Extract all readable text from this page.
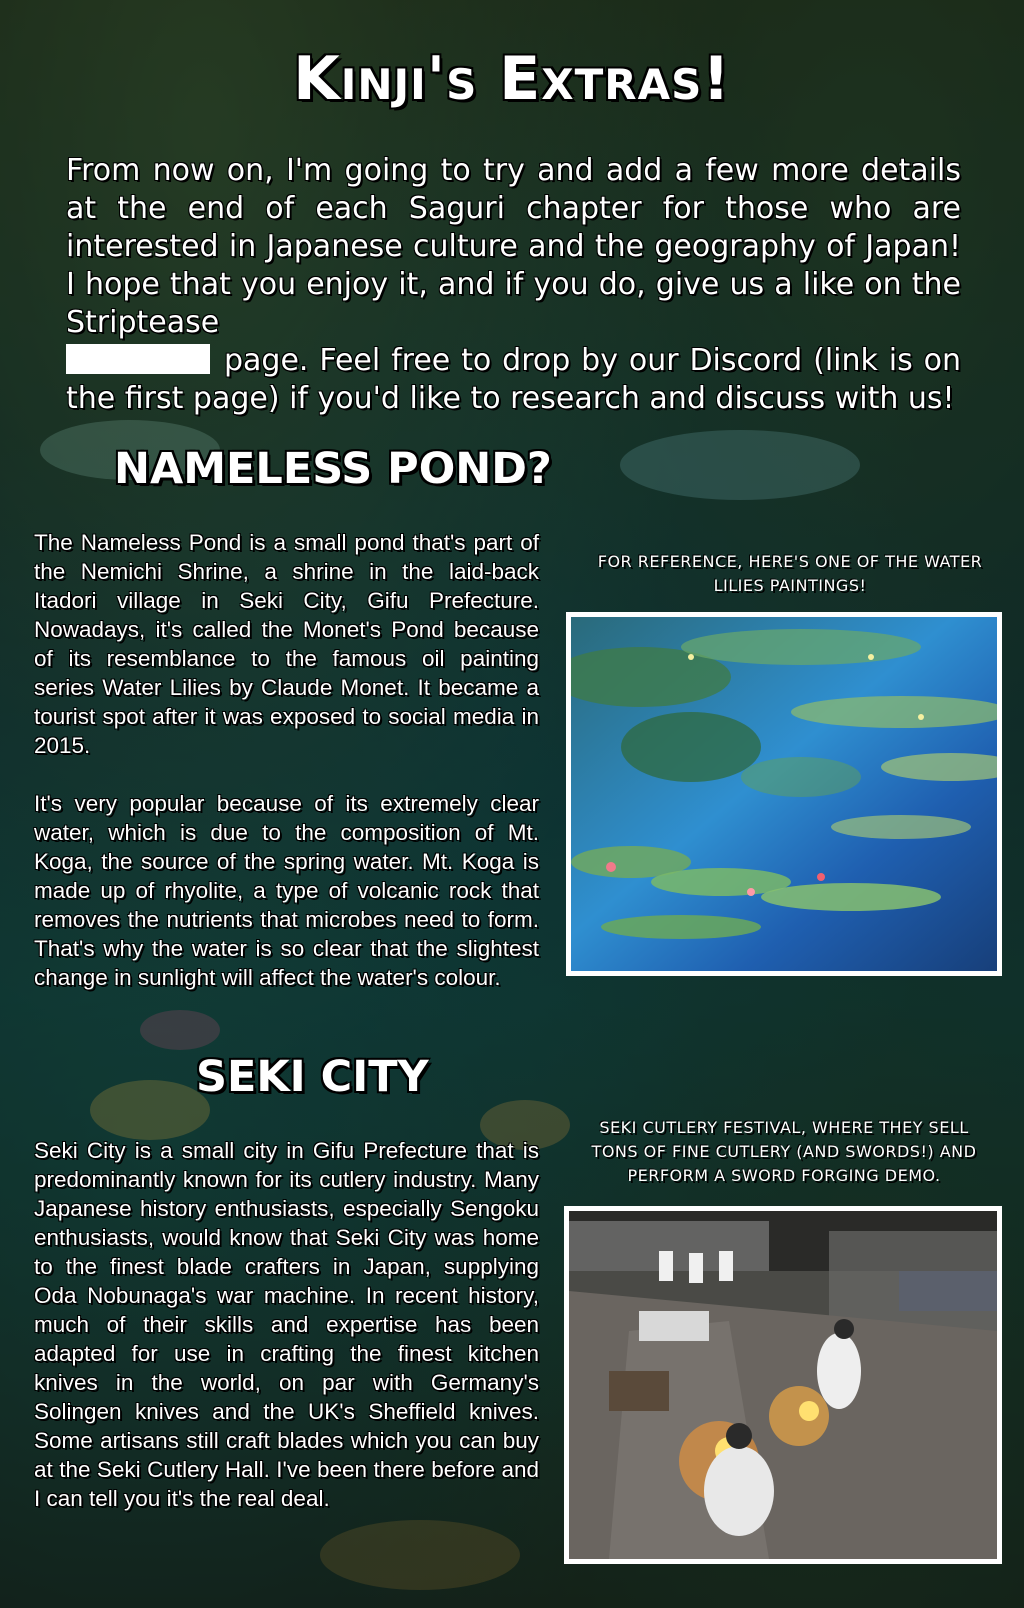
Kinji's Extras!

From now on, I'm going to try and add a few more details at the end of each Saguri chapter for those who are interested in Japanese culture and the geography of Japan! I hope that you enjoy it, and if you do, give us a like on the Striptease
page. Feel free to drop by our Discord (link is on the first page) if you'd like to research and discuss with us!

NAMELESS POND?

The Nameless Pond is a small pond that's part of the Nemichi Shrine, a shrine in the laid-back Itadori village in Seki City, Gifu Prefecture. Nowadays, it's called the Monet's Pond because of its resemblance to the famous oil painting series Water Lilies by Claude Monet. It became a tourist spot after it was exposed to social media in 2015.

It's very popular because of its extremely clear water, which is due to the composition of Mt. Koga, the source of the spring water. Mt. Koga is made up of rhyolite, a type of volcanic rock that removes the nutrients that microbes need to form. That's why the water is so clear that the slightest change in sunlight will affect the water's colour.

FOR REFERENCE, HERE'S ONE OF THE WATER LILIES PAINTINGS!

SEKI CITY

Seki City is a small city in Gifu Prefecture that is predominantly known for its cutlery industry. Many Japanese history enthusiasts, especially Sengoku enthusiasts, would know that Seki City was home to the finest blade crafters in Japan, supplying Oda Nobunaga's war machine. In recent history, much of their skills and expertise has been adapted for use in crafting the finest kitchen knives in the world, on par with Germany's Solingen knives and the UK's Sheffield knives. Some artisans still craft blades which you can buy at the Seki Cutlery Hall. I've been there before and I can tell you it's the real deal.

SEKI CUTLERY FESTIVAL, WHERE THEY SELL TONS OF FINE CUTLERY (AND SWORDS!) AND PERFORM A SWORD FORGING DEMO.
